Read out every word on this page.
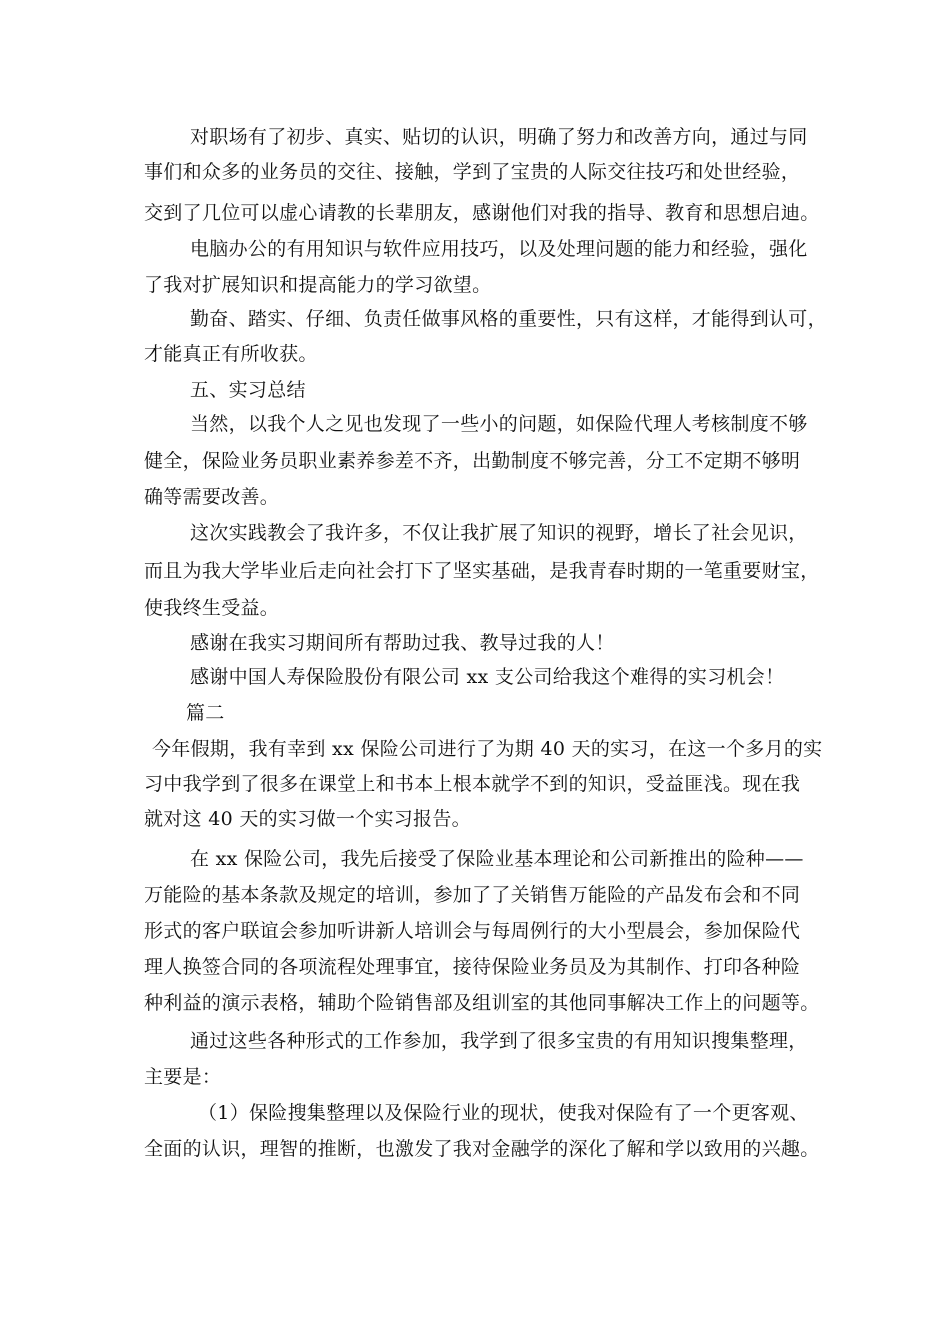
对职场有了初步、真实、贴切的认识，明确了努力和改善方向，通过与同
事们和众多的业务员的交往、接触，学到了宝贵的人际交往技巧和处世经验，
交到了几位可以虚心请教的长辈朋友，感谢他们对我的指导、教育和思想启迪。
电脑办公的有用知识与软件应用技巧，以及处理问题的能力和经验，强化
了我对扩展知识和提高能力的学习欲望。
勤奋、踏实、仔细、负责任做事风格的重要性，只有这样，才能得到认可，
才能真正有所收获。
五、实习总结
当然，以我个人之见也发现了一些小的问题，如保险代理人考核制度不够
健全，保险业务员职业素养参差不齐，出勤制度不够完善，分工不定期不够明
确等需要改善。
这次实践教会了我许多，不仅让我扩展了知识的视野，增长了社会见识，
而且为我大学毕业后走向社会打下了坚实基础，是我青春时期的一笔重要财宝，
使我终生受益。
感谢在我实习期间所有帮助过我、教导过我的人！
感谢中国人寿保险股份有限公司 xx 支公司给我这个难得的实习机会！
篇二
今年假期，我有幸到 xx 保险公司进行了为期 40 天的实习，在这一个多月的实
习中我学到了很多在课堂上和书本上根本就学不到的知识，受益匪浅。现在我
就对这 40 天的实习做一个实习报告。
在 xx 保险公司，我先后接受了保险业基本理论和公司新推出的险种——
万能险的基本条款及规定的培训，参加了了关销售万能险的产品发布会和不同
形式的客户联谊会参加听讲新人培训会与每周例行的大小型晨会，参加保险代
理人换签合同的各项流程处理事宜，接待保险业务员及为其制作、打印各种险
种利益的演示表格，辅助个险销售部及组训室的其他同事解决工作上的问题等。
通过这些各种形式的工作参加，我学到了很多宝贵的有用知识搜集整理，
主要是：
（1）保险搜集整理以及保险行业的现状，使我对保险有了一个更客观、
全面的认识，理智的推断，也激发了我对金融学的深化了解和学以致用的兴趣。
